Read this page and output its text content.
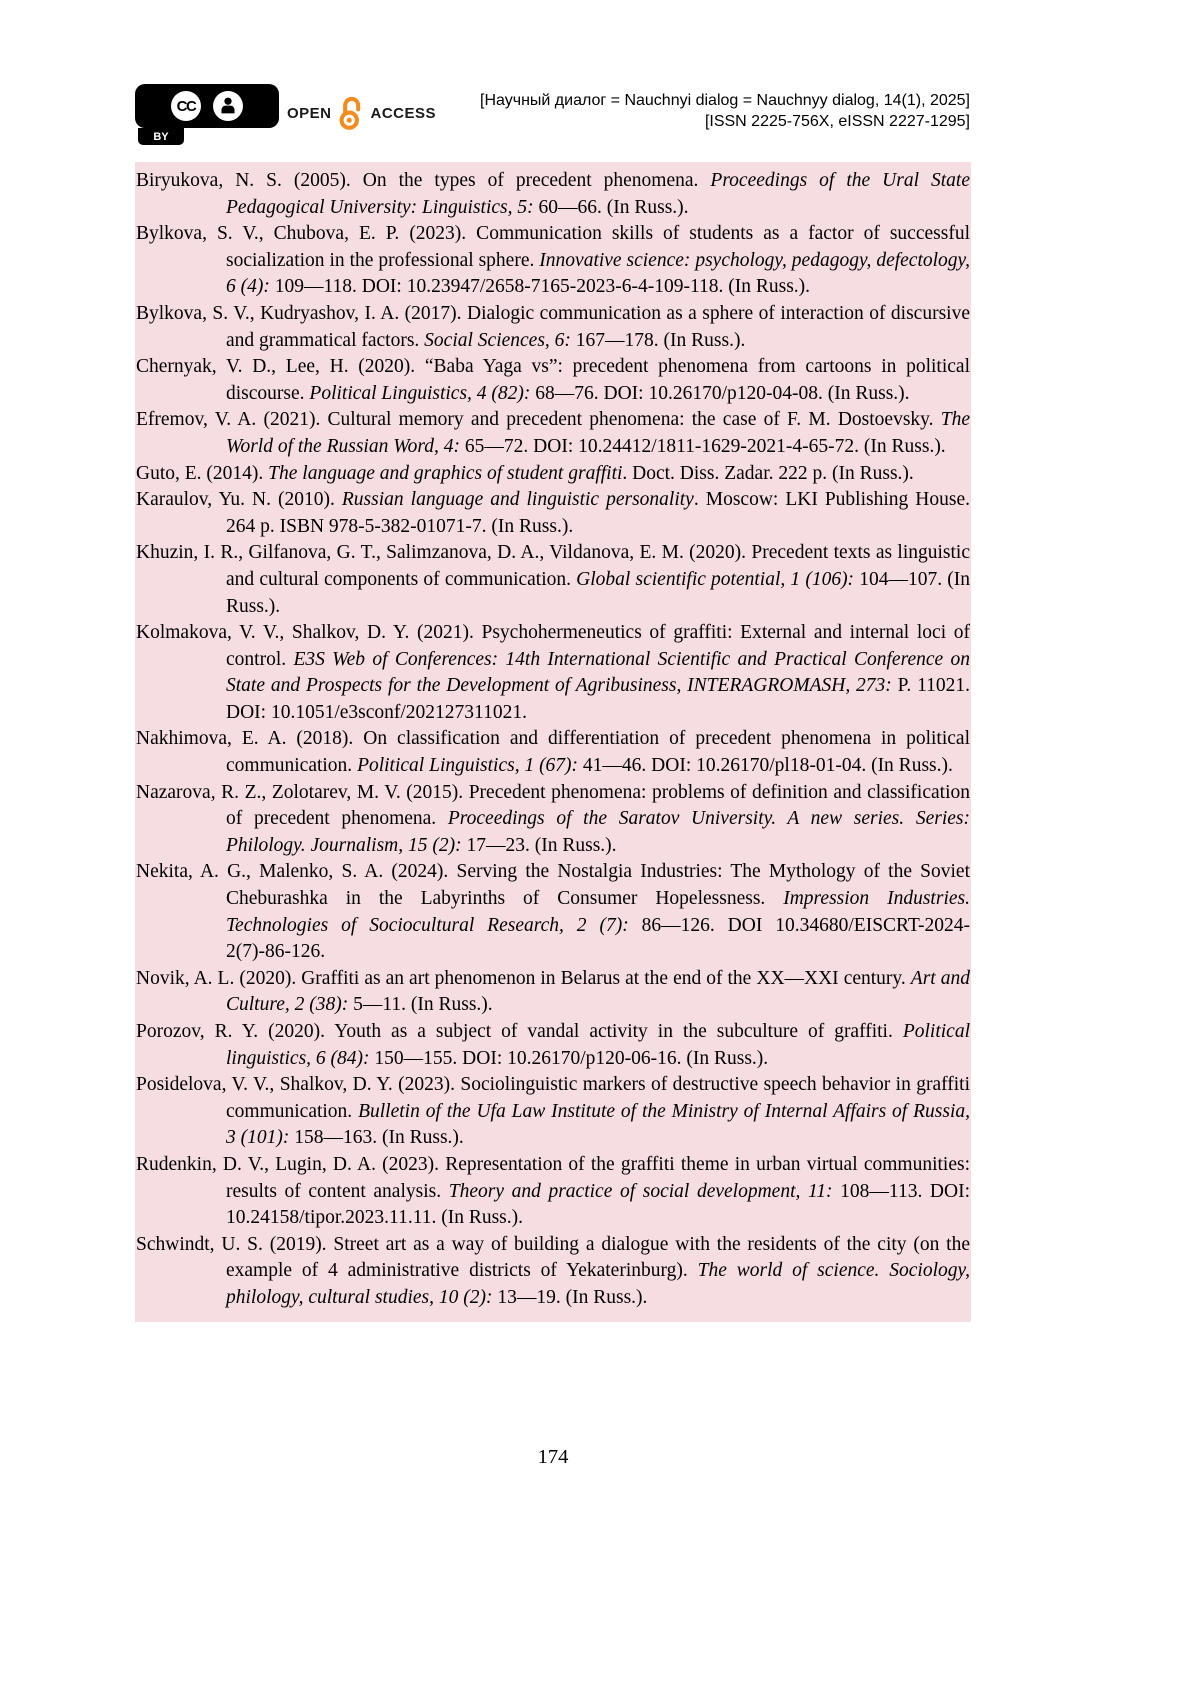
CC
BY
OPEN	ACCESS
[Научный диалог = Nauchnyi dialog = Nauchnyy dialog, 14(1), 2025]
[ISSN 2225-756X, eISSN 2227-1295]

Biryukova, N. S. (2005). On the types of precedent phenomena. Proceedings of the Ural State Pedagogical University: Linguistics, 5: 60—66. (In Russ.).

Bylkova, S. V., Chubova, E. P. (2023). Communication skills of students as a factor of successful socialization in the professional sphere. Innovative science: psychology, pedagogy, defectology, 6 (4): 109—118. DOI: 10.23947/2658-7165-2023-6-4-109-118. (In Russ.).

Bylkova, S. V., Kudryashov, I. A. (2017). Dialogic communication as a sphere of interaction of discursive and grammatical factors. Social Sciences, 6: 167—178. (In Russ.).

Chernyak, V. D., Lee, H. (2020). “Baba Yaga vs”: precedent phenomena from cartoons in political discourse. Political Linguistics, 4 (82): 68—76. DOI: 10.26170/p120-04-08. (In Russ.).

Efremov, V. A. (2021). Cultural memory and precedent phenomena: the case of F. M. Dostoevsky. The World of the Russian Word, 4: 65—72. DOI: 10.24412/1811-1629-2021-4-65-72. (In Russ.).

Guto, E. (2014). The language and graphics of student graffiti. Doct. Diss. Zadar. 222 p. (In Russ.).

Karaulov, Yu. N. (2010). Russian language and linguistic personality. Moscow: LKI Publishing House. 264 p. ISBN 978-5-382-01071-7. (In Russ.).

Khuzin, I. R., Gilfanova, G. T., Salimzanova, D. A., Vildanova, E. M. (2020). Precedent texts as linguistic and cultural components of communication. Global scientific potential, 1 (106): 104—107. (In Russ.).

Kolmakova, V. V., Shalkov, D. Y. (2021). Psychohermeneutics of graffiti: External and internal loci of control. E3S Web of Conferences: 14th International Scientific and Practical Conference on State and Prospects for the Development of Agribusiness, INTERAGROMASH, 273: P. 11021. DOI: 10.1051/e3sconf/202127311021.

Nakhimova, E. A. (2018). On classification and differentiation of precedent phenomena in political communication. Political Linguistics, 1 (67): 41—46. DOI: 10.26170/pl18-01-04. (In Russ.).

Nazarova, R. Z., Zolotarev, M. V. (2015). Precedent phenomena: problems of definition and classification of precedent phenomena. Proceedings of the Saratov University. A new series. Series: Philology. Journalism, 15 (2): 17—23. (In Russ.).

Nekita, A. G., Malenko, S. A. (2024). Serving the Nostalgia Industries: The Mythology of the Soviet Cheburashka in the Labyrinths of Consumer Hopelessness. Impression Industries. Technologies of Sociocultural Research, 2 (7): 86—126. DOI 10.34680/EISCRT-2024-2(7)-86-126.

Novik, A. L. (2020). Graffiti as an art phenomenon in Belarus at the end of the XX—XXI century. Art and Culture, 2 (38): 5—11. (In Russ.).

Porozov, R. Y. (2020). Youth as a subject of vandal activity in the subculture of graffiti. Political linguistics, 6 (84): 150—155. DOI: 10.26170/p120-06-16. (In Russ.).

Posidelova, V. V., Shalkov, D. Y. (2023). Sociolinguistic markers of destructive speech behavior in graffiti communication. Bulletin of the Ufa Law Institute of the Ministry of Internal Affairs of Russia, 3 (101): 158—163. (In Russ.).

Rudenkin, D. V., Lugin, D. A. (2023). Representation of the graffiti theme in urban virtual communities: results of content analysis. Theory and practice of social development, 11: 108—113. DOI: 10.24158/tipor.2023.11.11. (In Russ.).

Schwindt, U. S. (2019). Street art as a way of building a dialogue with the residents of the city (on the example of 4 administrative districts of Yekaterinburg). The world of science. Sociology, philology, cultural studies, 10 (2): 13—19. (In Russ.).

174
